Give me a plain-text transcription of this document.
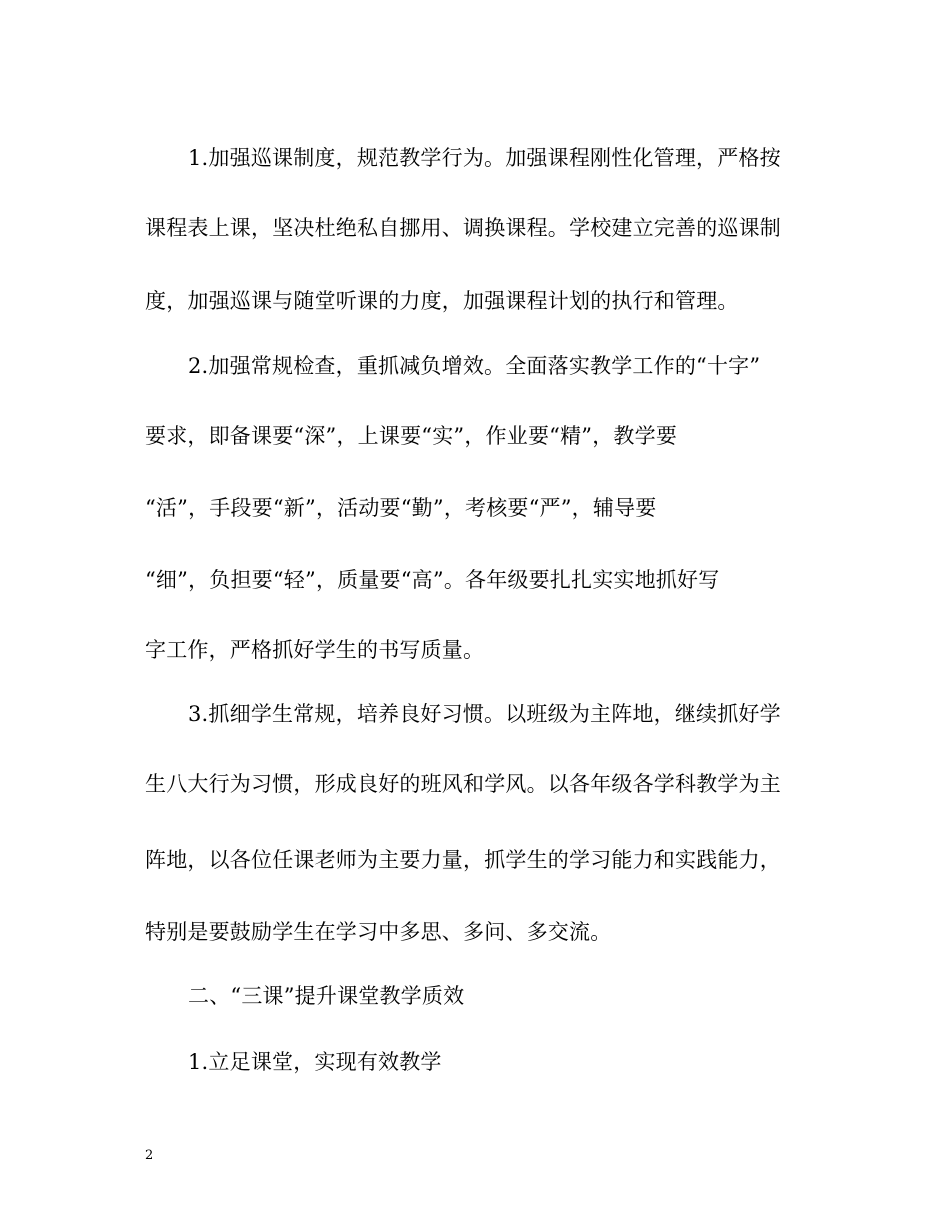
1.加强巡课制度，规范教学行为。加强课程刚性化管理，严格按
课程表上课，坚决杜绝私自挪用、调换课程。学校建立完善的巡课制
度，加强巡课与随堂听课的力度，加强课程计划的执行和管理。
2.加强常规检查，重抓减负增效。全面落实教学工作的“十字”
要求，即备课要“深”，上课要“实”，作业要“精”，教学要
“活”，手段要“新”，活动要“勤”，考核要“严”，辅导要
“细”，负担要“轻”，质量要“高”。各年级要扎扎实实地抓好写
字工作，严格抓好学生的书写质量。
3.抓细学生常规，培养良好习惯。以班级为主阵地，继续抓好学
生八大行为习惯，形成良好的班风和学风。以各年级各学科教学为主
阵地，以各位任课老师为主要力量，抓学生的学习能力和实践能力，
特别是要鼓励学生在学习中多思、多问、多交流。
二、“三课”提升课堂教学质效
1.立足课堂，实现有效教学
2
